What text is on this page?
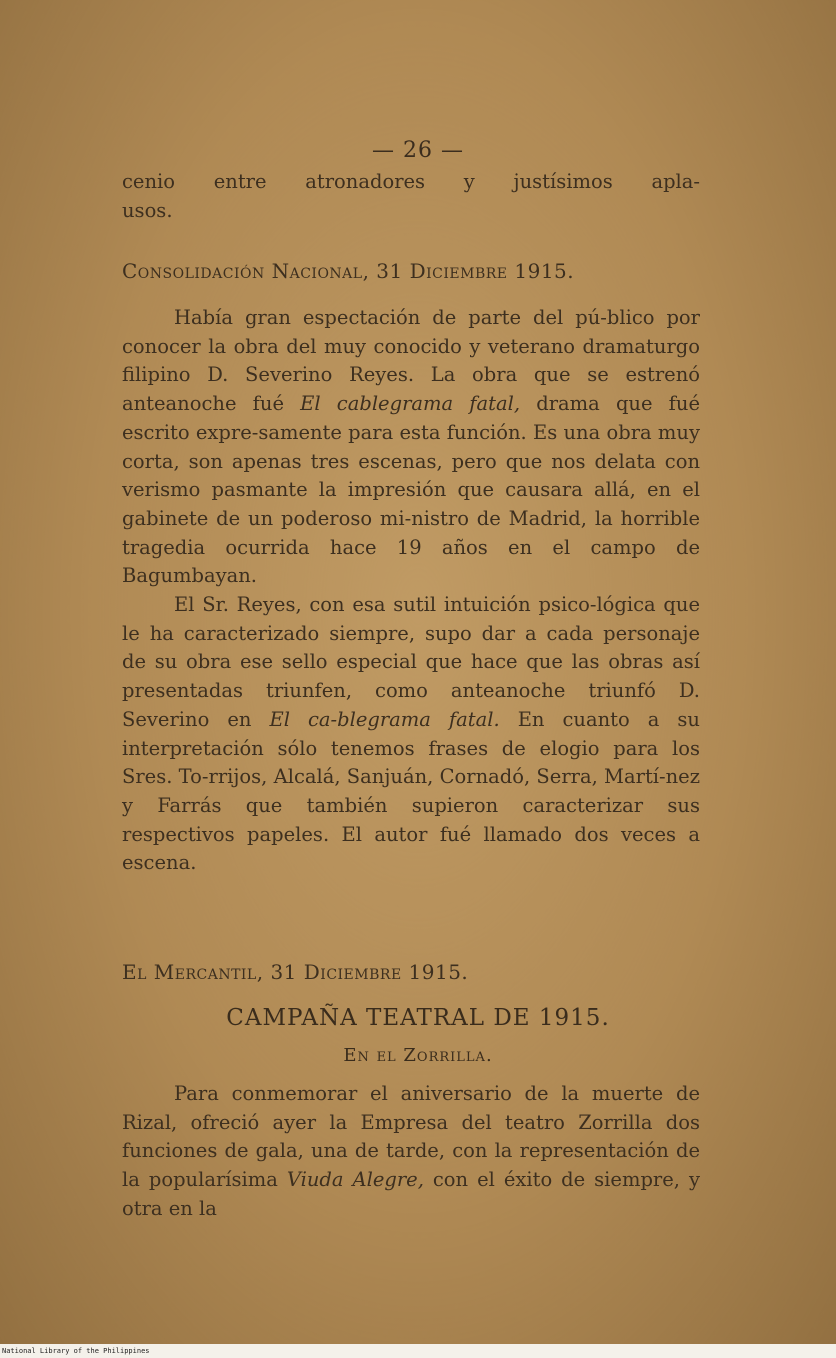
— 26 —

cenio entre atronadores y justísimos apla-

usos.

Consolidación Nacional, 31 Diciembre 1915.

Había gran espectación de parte del pú-blico por conocer la obra del muy conocido y veterano dramaturgo filipino D. Severino Reyes. La obra que se estrenó anteanoche fué El cablegrama fatal, drama que fué escrito expre-samente para esta función. Es una obra muy corta, son apenas tres escenas, pero que nos delata con verismo pasmante la impresión que causara allá, en el gabinete de un poderoso mi-nistro de Madrid, la horrible tragedia ocurrida hace 19 años en el campo de Bagumbayan.

El Sr. Reyes, con esa sutil intuición psico-lógica que le ha caracterizado siempre, supo dar a cada personaje de su obra ese sello especial que hace que las obras así presentadas triunfen, como anteanoche triunfó D. Severino en El ca-blegrama fatal. En cuanto a su interpretación sólo tenemos frases de elogio para los Sres. To-rrijos, Alcalá, Sanjuán, Cornadó, Serra, Martí-nez y Farrás que también supieron caracterizar sus respectivos papeles. El autor fué llamado dos veces a escena.

El Mercantil, 31 Diciembre 1915.

CAMPAÑA TEATRAL DE 1915.
En el Zorrilla.

Para conmemorar el aniversario de la muerte de Rizal, ofreció ayer la Empresa del teatro Zorrilla dos funciones de gala, una de tarde, con la representación de la popularísima Viuda Alegre, con el éxito de siempre, y otra en la

National Library of the Philippines
